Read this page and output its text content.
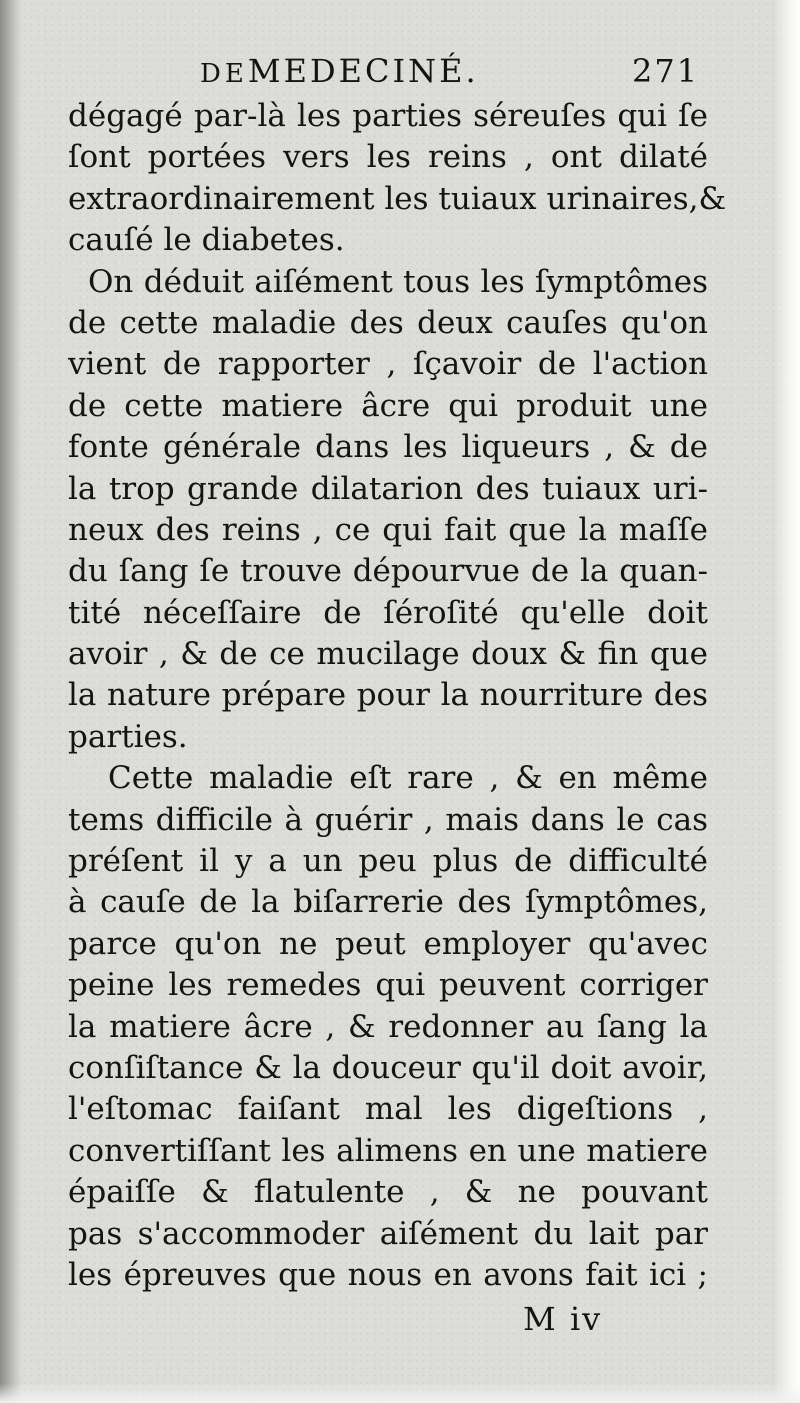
DEMEDECINÉ.	271
dégagé par-là les parties séreuſes qui ſe
ſont portées vers les reins , ont dilaté
extraordinairement les tuiaux urinaires,&
cauſé le diabetes.
On déduit aiſément tous les ſymptômes
de cette maladie des deux cauſes qu'on
vient de rapporter , ſçavoir de l'action
de cette matiere âcre qui produit une
fonte générale dans les liqueurs , & de
la trop grande dilatarion des tuiaux uri-
neux des reins , ce qui fait que la maſſe
du ſang ſe trouve dépourvue de la quan-
tité néceſſaire de ſéroſité qu'elle doit
avoir , & de ce mucilage doux & fin que
la nature prépare pour la nourriture des
parties.
Cette maladie eſt rare , & en même
tems difficile à guérir , mais dans le cas
préſent il y a un peu plus de difficulté
à cauſe de la biſarrerie des ſymptômes,
parce qu'on ne peut employer qu'avec
peine les remedes qui peuvent corriger
la matiere âcre , & redonner au ſang la
conſiſtance & la douceur qu'il doit avoir,
l'eſtomac faiſant mal les digeſtions ,
convertiſſant les alimens en une matiere
épaiſſe & flatulente , & ne pouvant
pas s'accommoder aiſément du lait par
les épreuves que nous en avons fait ici ;
M iv
